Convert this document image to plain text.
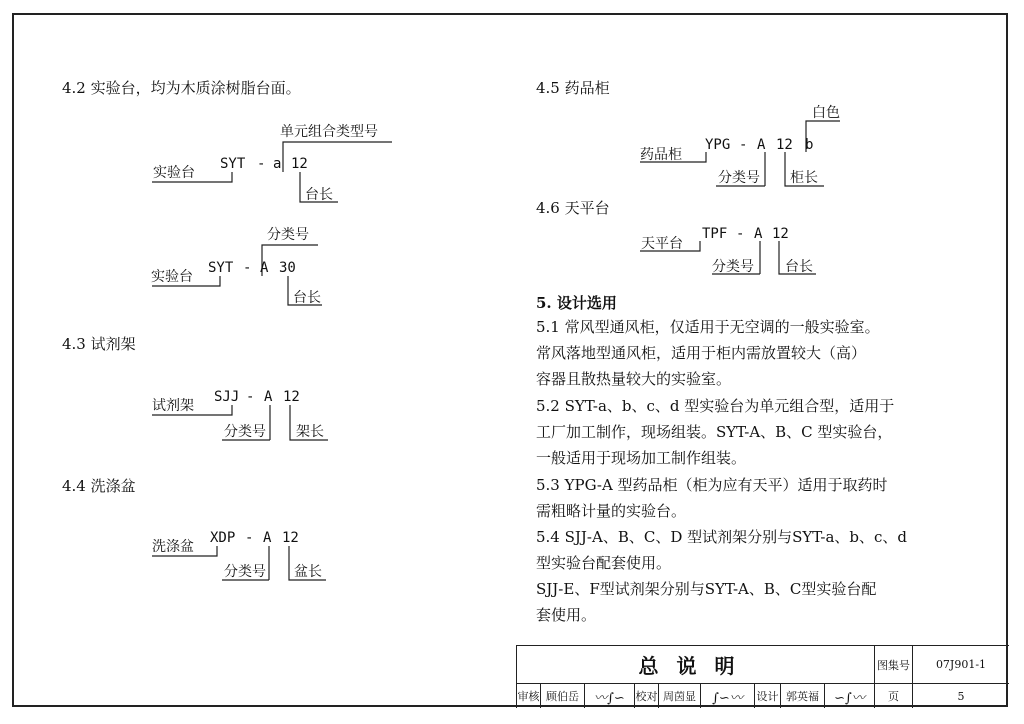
4.2 实验台，均为木质涂树脂台面。
单元组合类型号
实验台
SYT - a 12
台长
分类号
实验台
SYT - A 30
台长
4.3 试剂架
试剂架
SJJ - A 12
分类号 架长
4.4 洗涤盆
洗涤盆
XDP - A 12
分类号 盆长
4.5 药品柜
白色
药品柜
YPG - A 12 b
分类号 柜长
4.6 天平台
天平台
TPF - A 12
分类号 台长
5. 设计选用
5.1 常风型通风柜，仅适用于无空调的一般实验室。
常风落地型通风柜，适用于柜内需放置较大（高）
容器且散热量较大的实验室。
5.2 SYT-a、b、c、d 型实验台为单元组合型，适用于
工厂加工制作，现场组装。SYT-A、B、C 型实验台，
一般适用于现场加工制作组装。
5.3 YPG-A 型药品柜（柜为应有天平）适用于取药时
需粗略计量的实验台。
5.4 SJJ-A、B、C、D 型试剂架分别与SYT-a、b、c、d
型实验台配套使用。
SJJ-E、F型试剂架分别与SYT-A、B、C型实验台配
套使用。
总说明	图集号	07J901-1
审核 顾伯岳	〰∫∽ 校对 周茵显	∫∽〰	设计 郭英福	∽∫〰	页	5
